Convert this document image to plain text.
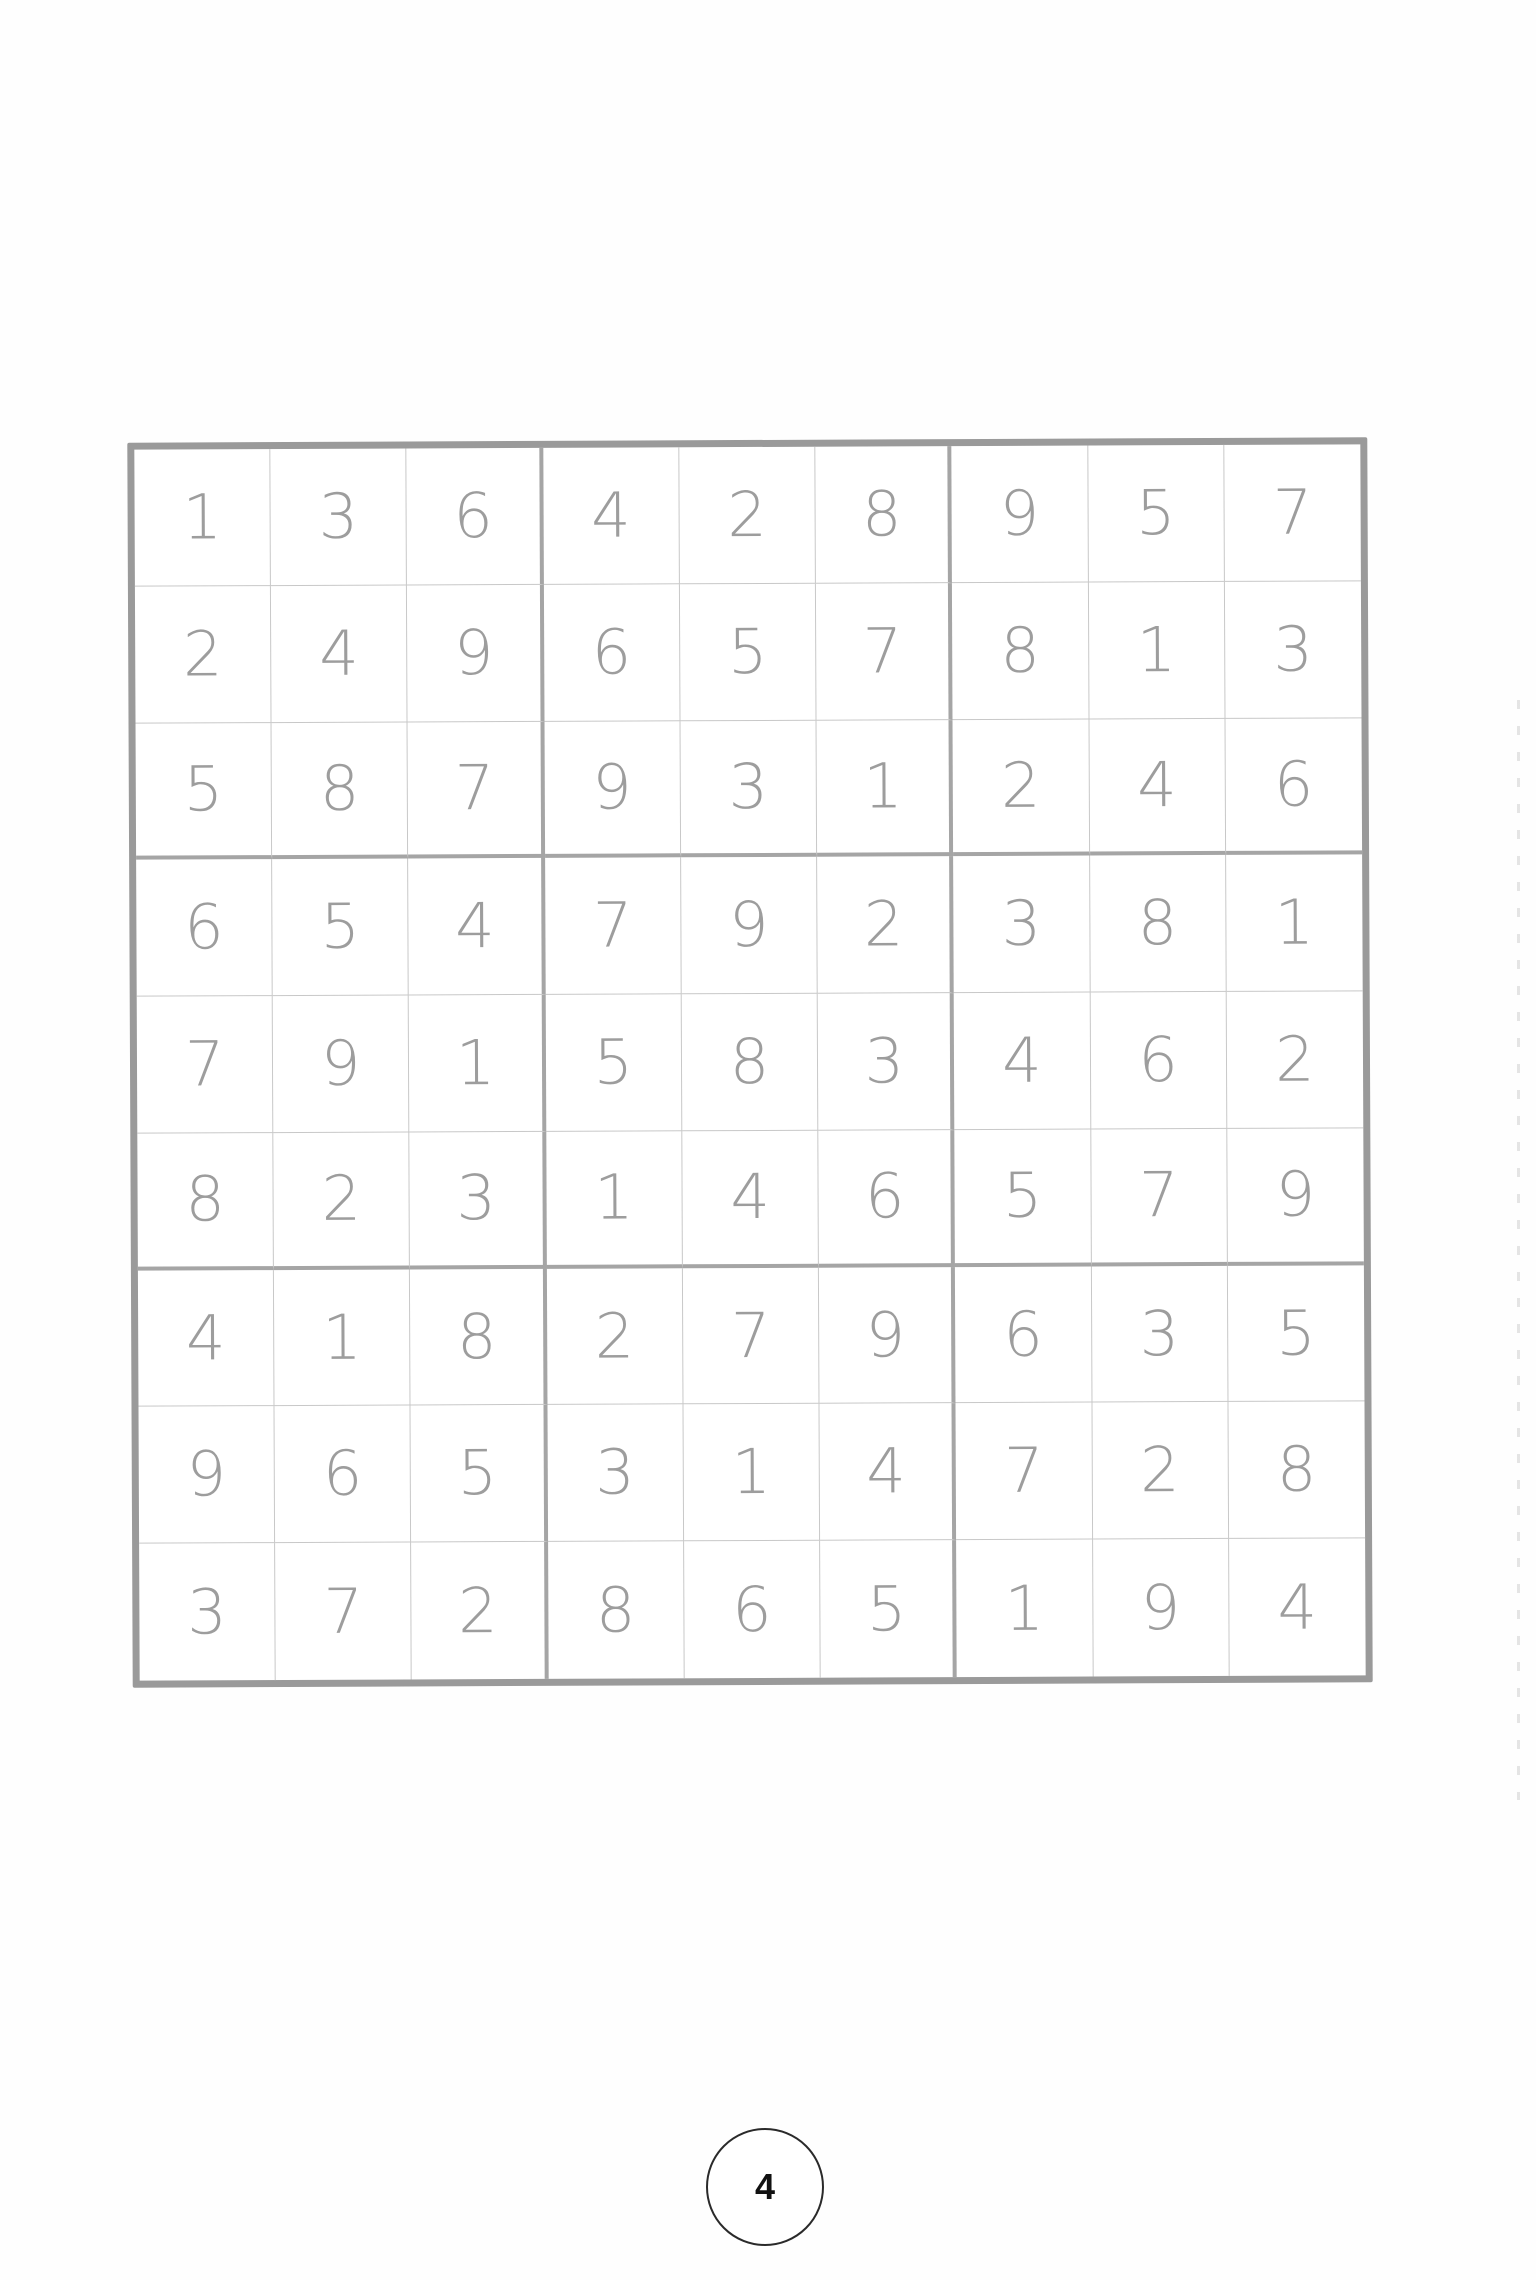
1	3	6	4	2	8	9	5	7
2	4	9	6	5	7	8	1	3
5	8	7	9	3	1	2	4	6
6	5	4	7	9	2	3	8	1
7	9	1	5	8	3	4	6	2
8	2	3	1	4	6	5	7	9
4	1	8	2	7	9	6	3	5
9	6	5	3	1	4	7	2	8
3	7	2	8	6	5	1	9	4
4
